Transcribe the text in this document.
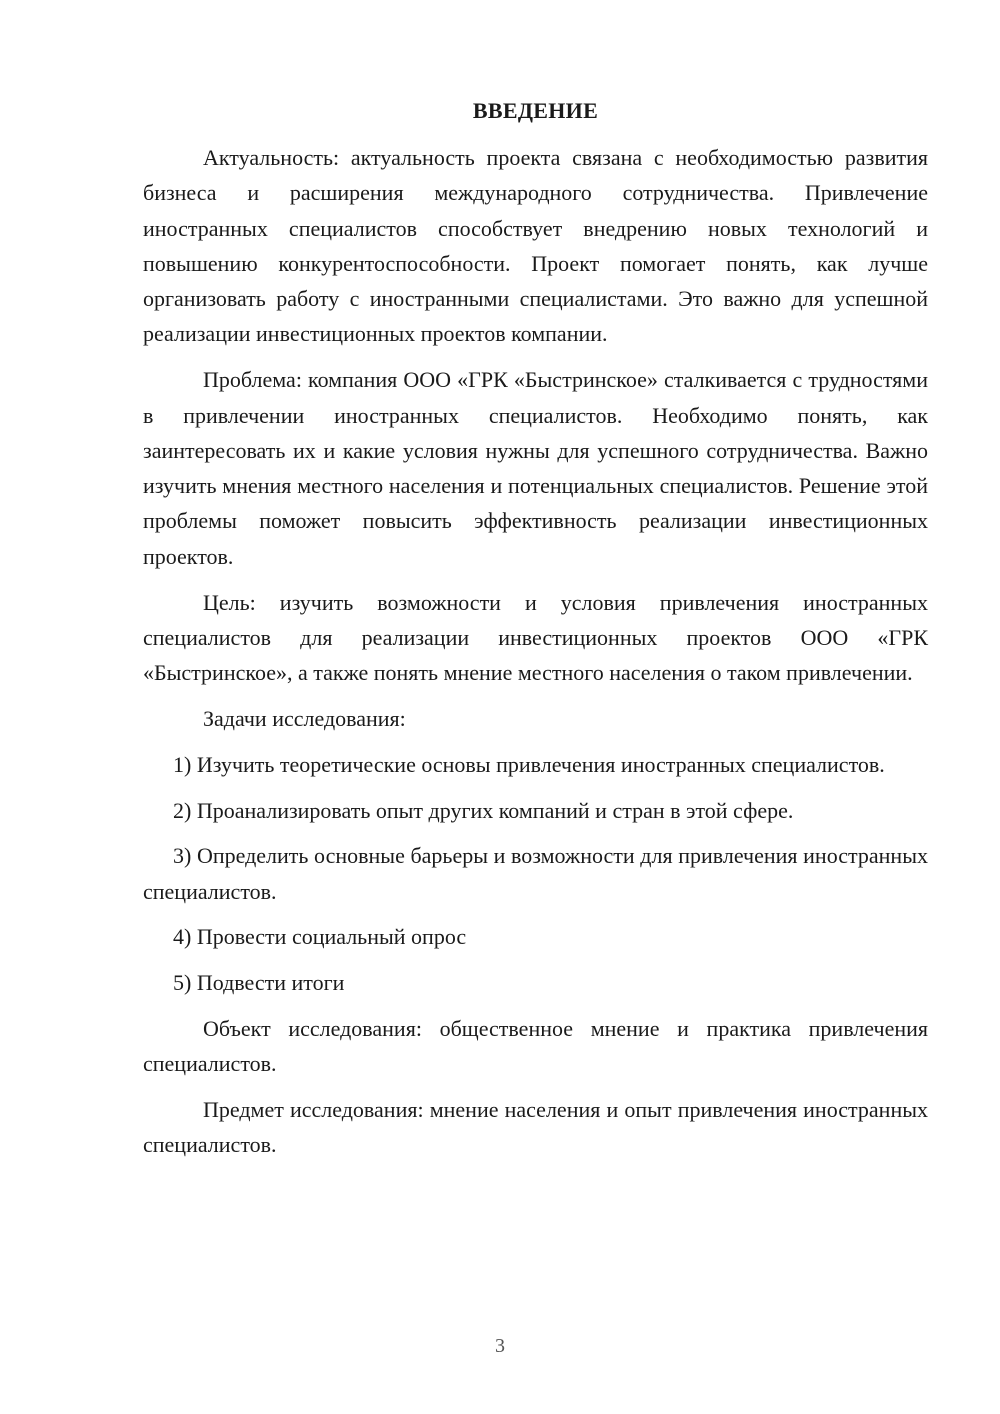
ВВЕДЕНИЕ

Актуальность: актуальность проекта связана с необходимостью развития бизнеса и расширения международного сотрудничества. Привлечение иностранных специалистов способствует внедрению новых технологий и повышению конкурентоспособности. Проект помогает понять, как лучше организовать работу с иностранными специалистами. Это важно для успешной реализации инвестиционных проектов компании.

Проблема: компания ООО «ГРК «Быстринское» сталкивается с трудностями в привлечении иностранных специалистов. Необходимо понять, как заинтересовать их и какие условия нужны для успешного сотрудничества. Важно изучить мнения местного населения и потенциальных специалистов. Решение этой проблемы поможет повысить эффективность реализации инвестиционных проектов.

Цель: изучить возможности и условия привлечения иностранных специалистов для реализации инвестиционных проектов ООО «ГРК «Быстринское», а также понять мнение местного населения о таком привлечении.

Задачи исследования:

1) Изучить теоретические основы привлечения иностранных специалистов.

2) Проанализировать опыт других компаний и стран в этой сфере.

3) Определить основные барьеры и возможности для привлечения иностранных специалистов.

4) Провести социальный опрос

5) Подвести итоги

Объект исследования: общественное мнение и практика привлечения специалистов.

Предмет исследования: мнение населения и опыт привлечения иностранных специалистов.

3
